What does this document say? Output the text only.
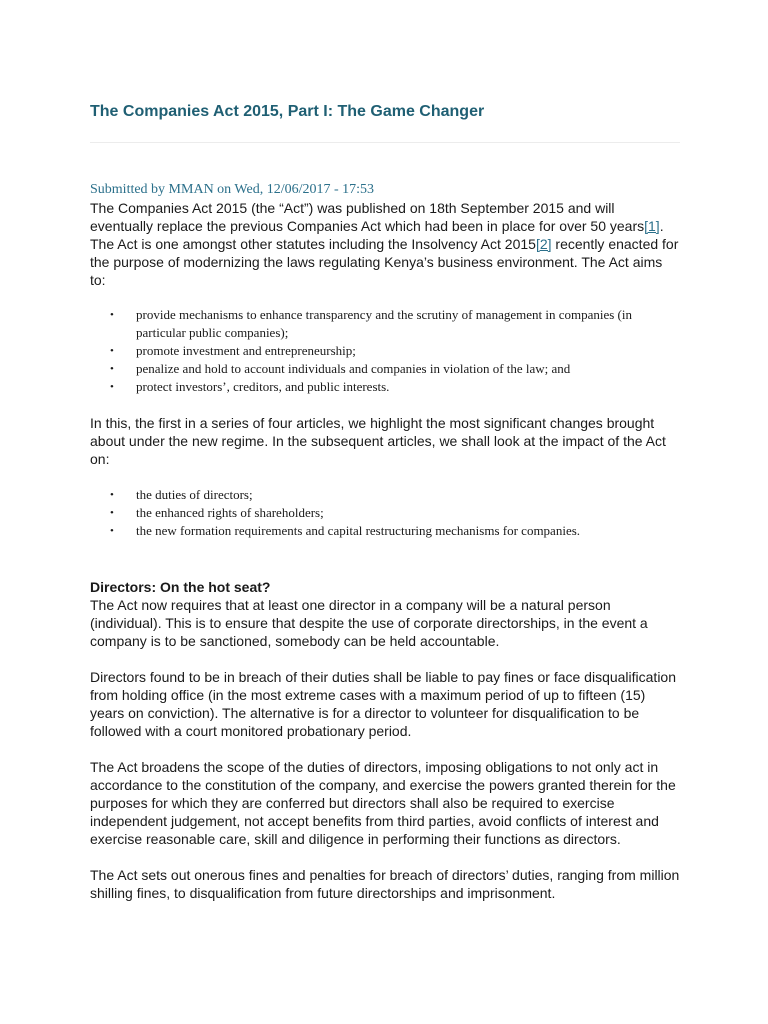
The Companies Act 2015, Part I: The Game Changer

Submitted by MMAN on Wed, 12/06/2017 - 17:53

The Companies Act 2015 (the “Act”) was published on 18th September 2015 and will eventually replace the previous Companies Act which had been in place for over 50 years[1]. The Act is one amongst other statutes including the Insolvency Act 2015[2] recently enacted for the purpose of modernizing the laws regulating Kenya’s business environment. The Act aims to:

• provide mechanisms to enhance transparency and the scrutiny of management in companies (in particular public companies);
• promote investment and entrepreneurship;
• penalize and hold to account individuals and companies in violation of the law; and
• protect investors’, creditors, and public interests.

In this, the first in a series of four articles, we highlight the most significant changes brought about under the new regime. In the subsequent articles, we shall look at the impact of the Act on:

• the duties of directors;
• the enhanced rights of shareholders;
• the new formation requirements and capital restructuring mechanisms for companies.
Directors: On the hot seat?

The Act now requires that at least one director in a company will be a natural person (individual). This is to ensure that despite the use of corporate directorships, in the event a company is to be sanctioned, somebody can be held accountable.

Directors found to be in breach of their duties shall be liable to pay fines or face disqualification from holding office (in the most extreme cases with a maximum period of up to fifteen (15) years on conviction). The alternative is for a director to volunteer for disqualification to be followed with a court monitored probationary period.

The Act broadens the scope of the duties of directors, imposing obligations to not only act in accordance to the constitution of the company, and exercise the powers granted therein for the purposes for which they are conferred but directors shall also be required to exercise independent judgement, not accept benefits from third parties, avoid conflicts of interest and exercise reasonable care, skill and diligence in performing their functions as directors.

The Act sets out onerous fines and penalties for breach of directors’ duties, ranging from million shilling fines, to disqualification from future directorships and imprisonment.
